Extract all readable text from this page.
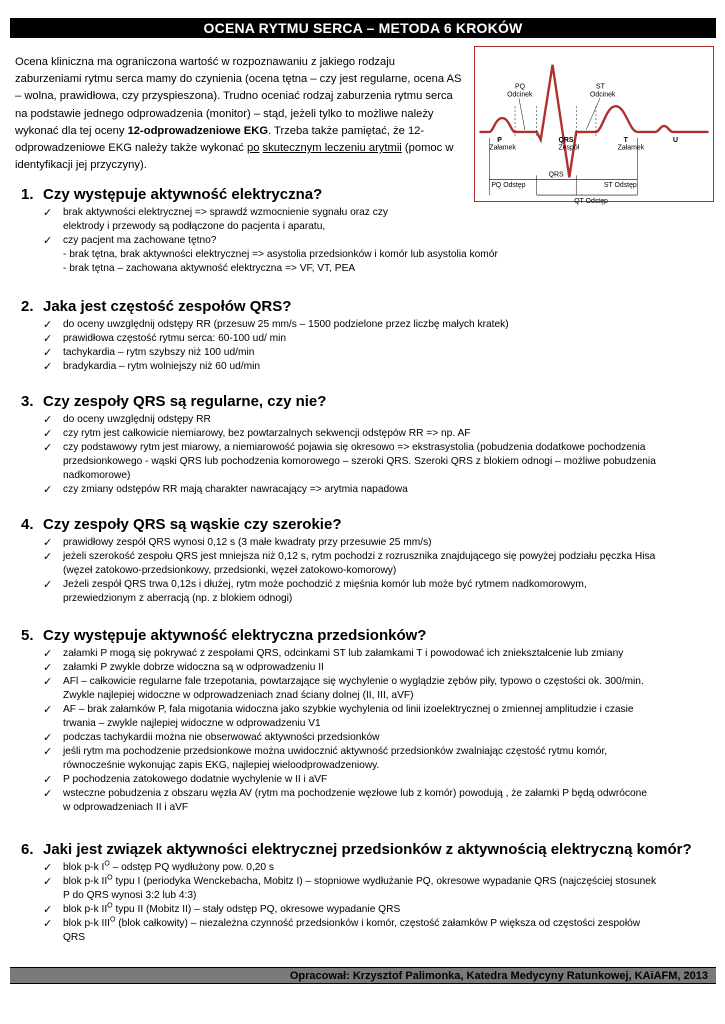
OCENA RYTMU SERCA – METODA 6 KROKÓW
Ocena kliniczna ma ograniczona wartość w rozpoznawaniu z jakiego rodzaju zaburzeniami rytmu serca mamy do czynienia (ocena tętna – czy jest regularne, ocena AS – wolna, prawidłowa, czy przyspieszona). Trudno oceniać rodzaj zaburzenia rytmu serca na podstawie jednego odprowadzenia (monitor) – stąd, jeżeli tylko to możliwe należy wykonać dla tej oceny 12-odprowadzeniowe EKG. Trzeba także pamiętać, że 12-odprowadzeniowe EKG należy także wykonać po skutecznym leczeniu arytmii (pomoc w identyfikacji jej przyczyny).
PQ
Odcinek
ST
Odcinek
P
Załamek
QRS
Zespół
T
Załamek
U
PQ Odstęp
QRS
ST Odstęp
QT Odstęp
1. Czy występuje aktywność elektryczna?
✓ brak aktywności elektrycznej => sprawdź wzmocnienie sygnału oraz czy
elektrody i przewody są podłączone do pacjenta i aparatu,
✓ czy pacjent ma zachowane tętno?
- brak tętna, brak aktywności elektrycznej => asystolia przedsionków i komór lub asystolia komór
- brak tętna – zachowana aktywność elektryczna => VF, VT, PEA
2. Jaka jest częstość zespołów QRS?
✓ do oceny uwzględnij odstępy RR (przesuw 25 mm/s – 1500 podzielone przez liczbę małych kratek)
✓ prawidłowa częstość rytmu serca: 60-100 ud/ min
✓ tachykardia – rytm szybszy niż 100 ud/min
✓ bradykardia – rytm wolniejszy niż 60 ud/min
3. Czy zespoły QRS są regularne, czy nie?
✓ do oceny uwzględnij odstępy RR
✓ czy rytm jest całkowicie niemiarowy, bez powtarzalnych sekwencji odstępów RR => np. AF
✓ czy podstawowy rytm jest miarowy, a niemiarowość pojawia się okresowo => ekstrasystolia (pobudzenia dodatkowe pochodzenia
przedsionkowego - wąski QRS lub pochodzenia komorowego – szeroki QRS. Szeroki QRS z blokiem odnogi – możliwe pobudzenia
nadkomorowe)
✓ czy zmiany odstępów RR mają charakter nawracający => arytmia napadowa
4. Czy zespoły QRS są wąskie czy szerokie?
✓ prawidłowy zespół QRS wynosi 0,12 s (3 małe kwadraty przy przesuwie 25 mm/s)
✓ jeżeli szerokość zespołu QRS jest mniejsza niż 0,12 s, rytm pochodzi z rozrusznika znajdującego się powyżej podziału pęczka Hisa
(węzeł zatokowo-przedsionkowy, przedsionki, węzeł zatokowo-komorowy)
✓ Jeżeli zespół QRS trwa 0,12s i dłużej, rytm może pochodzić z mięśnia komór lub może być rytmem nadkomorowym,
przewiedzionym z aberracją (np. z blokiem odnogi)
5. Czy występuje aktywność elektryczna przedsionków?
✓ załamki P mogą się pokrywać z zespołami QRS, odcinkami ST lub załamkami T i powodować ich zniekształcenie lub zmiany
✓ załamki P zwykle dobrze widoczna są w odprowadzeniu II
✓ AFl – całkowicie regularne fale trzepotania, powtarzające się wychylenie o wyglądzie zębów piły, typowo o częstości ok. 300/min.
Zwykle najlepiej widoczne w odprowadzeniach znad ściany dolnej (II, III, aVF)
✓ AF – brak załamków P, fala migotania widoczna jako szybkie wychylenia od linii izoelektrycznej o zmiennej amplitudzie i czasie
trwania – zwykle najlepiej widoczne w odprowadzeniu V1
✓ podczas tachykardii można nie obserwować aktywności przedsionków
✓ jeśli rytm ma pochodzenie przedsionkowe można uwidocznić aktywność przedsionków zwalniając częstość rytmu komór,
równocześnie wykonując zapis EKG, najlepiej wieloodprowadzeniowy.
✓ P pochodzenia zatokowego dodatnie wychylenie w II i aVF
✓ wsteczne pobudzenia z obszaru węzła AV (rytm ma pochodzenie węzłowe lub z komór) powodują , że załamki P będą odwrócone
w odprowadzeniach II i aVF
6. Jaki jest związek aktywności elektrycznej przedsionków z aktywnością elektryczną komór?
✓ blok p-k $I^O$ – odstęp PQ wydłużony pow. 0,20 s
✓ blok p-k $II^O$ typu I (periodyka Wenckebacha, Mobitz I) – stopniowe wydłużanie PQ, okresowe wypadanie QRS (najczęściej stosunek
P do QRS wynosi 3:2 lub 4:3)
✓ blok p-k $II^O$ typu II (Mobitz II) – stały odstęp PQ, okresowe wypadanie QRS
✓ blok p-k $III^O$ (blok całkowity) – niezależna czynność przedsionków i komór, częstość załamków P większa od częstości zespołów
QRS
Opracował: Krzysztof Palimonka, Katedra Medycyny Ratunkowej, KAiAFM, 2013
